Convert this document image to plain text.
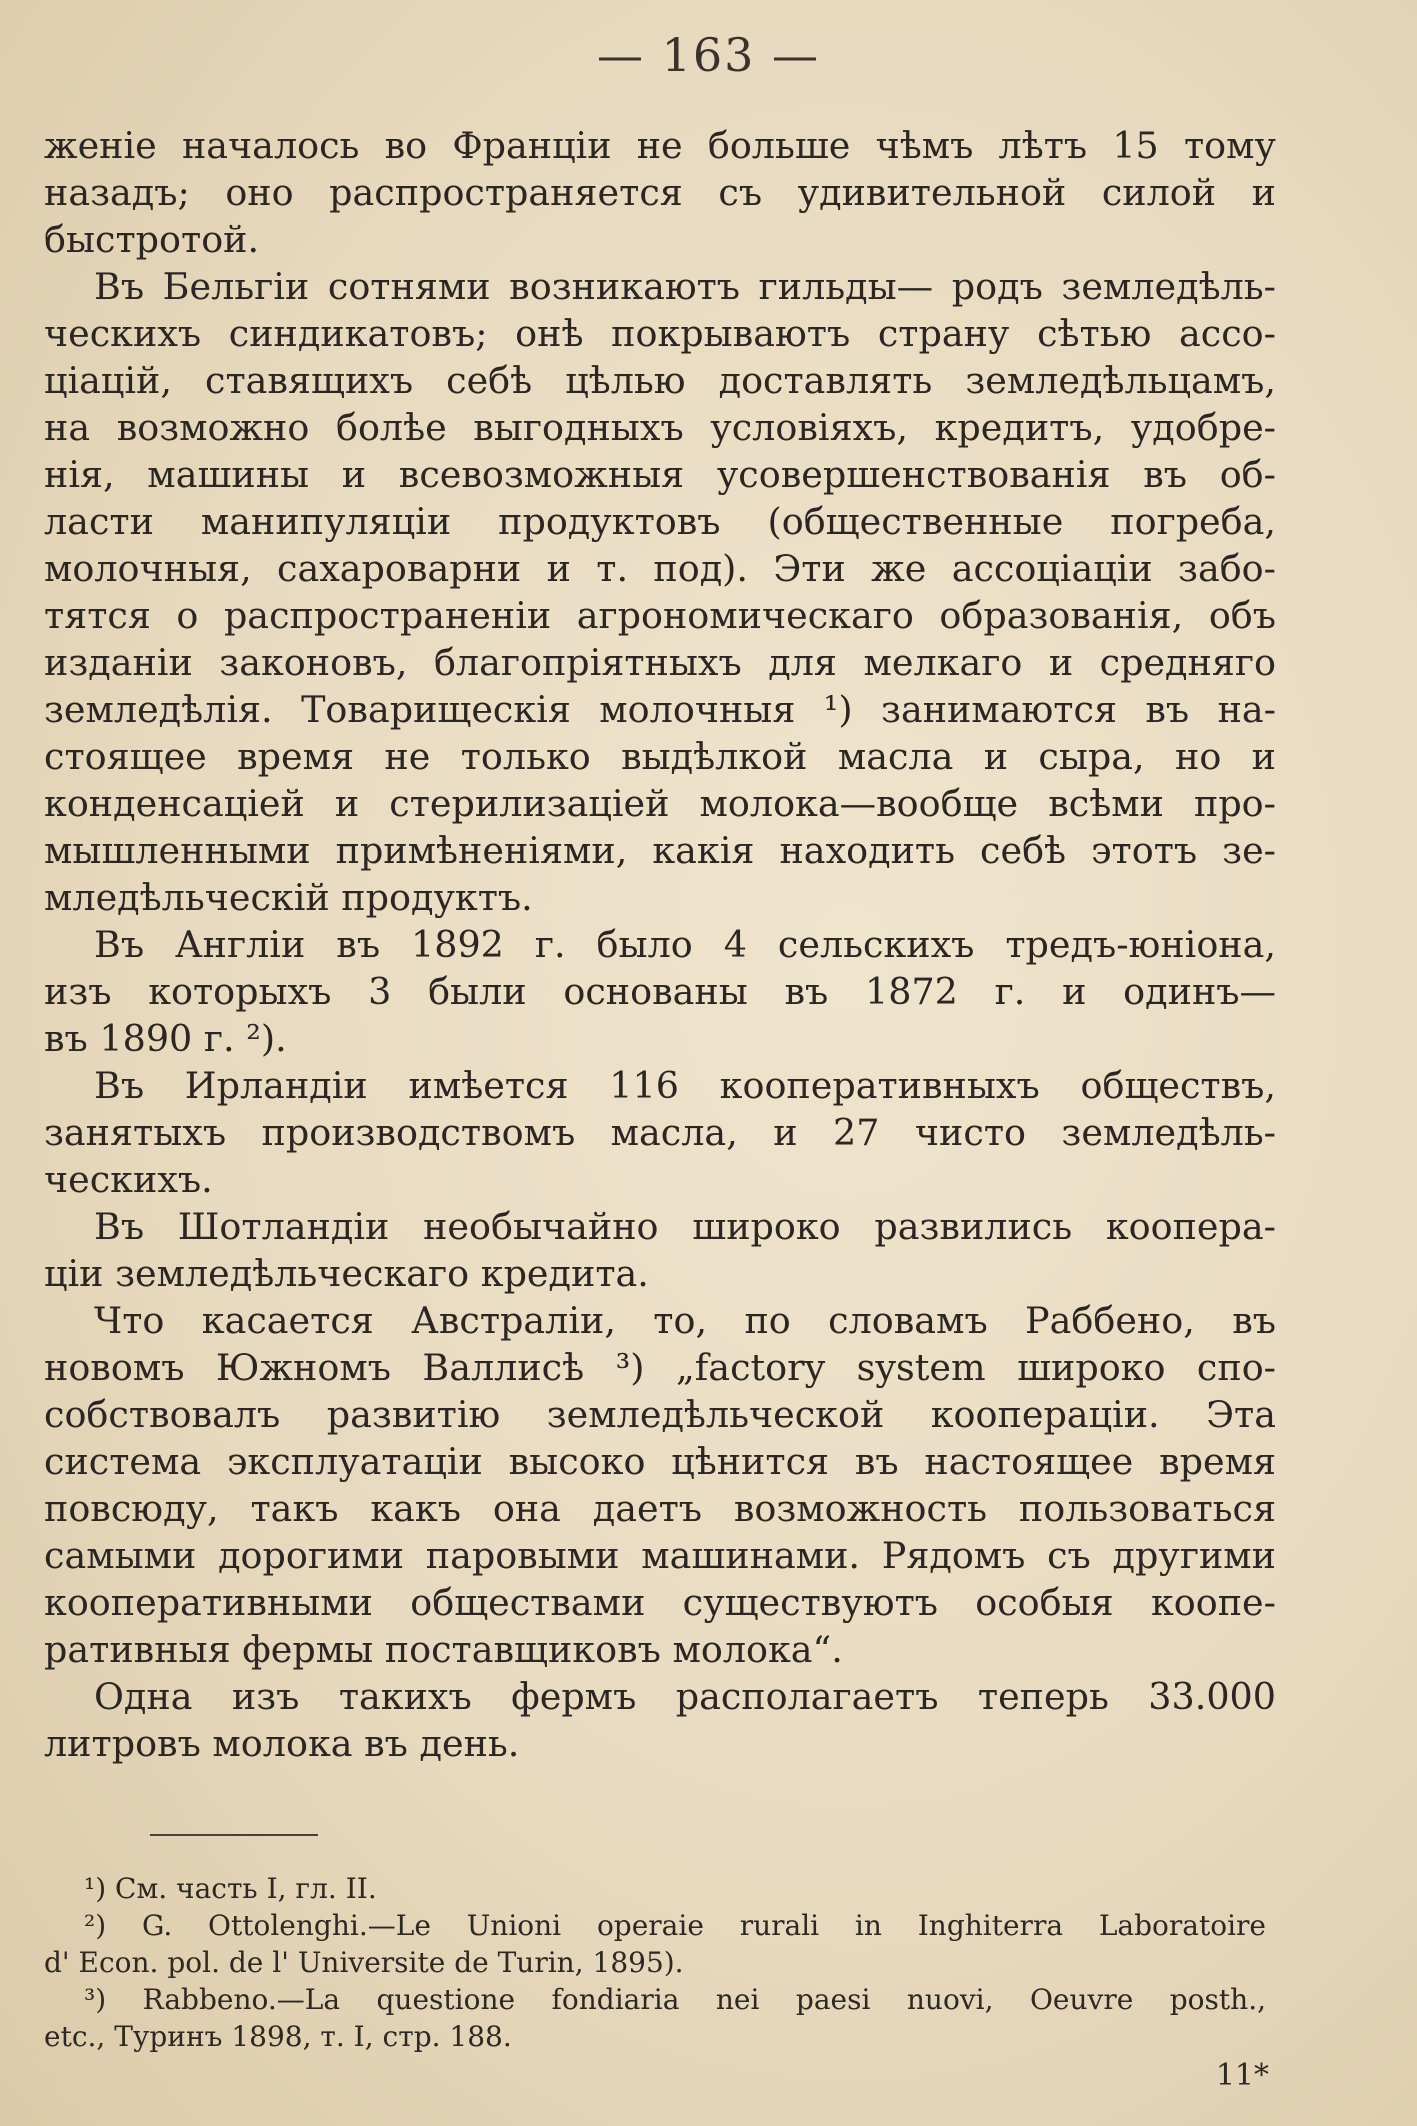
— 163 —
женіе началось во Франціи не больше чѣмъ лѣтъ 15 тому
назадъ; оно распространяется съ удивительной силой и
быстротой.
Въ Бельгіи сотнями возникаютъ гильды— родъ земледѣль-
ческихъ синдикатовъ; онѣ покрываютъ страну сѣтью ассо-
ціацій, ставящихъ себѣ цѣлью доставлять земледѣльцамъ,
на возможно болѣе выгодныхъ условіяхъ, кредитъ, удобре-
нія, машины и всевозможныя усовершенствованія въ об-
ласти манипуляціи продуктовъ (общественные погреба,
молочныя, сахароварни и т. под). Эти же ассоціаціи забо-
тятся о распространеніи агрономическаго образованія, объ
изданіи законовъ, благопріятныхъ для мелкаго и средняго
земледѣлія. Товарищескія молочныя ¹) занимаются въ на-
стоящее время не только выдѣлкой масла и сыра, но и
конденсаціей и стерилизаціей молока—вообще всѣми про-
мышленными примѣненіями, какія находить себѣ этотъ зе-
мледѣльческій продуктъ.
Въ Англіи въ 1892 г. было 4 сельскихъ тредъ-юніона,
изъ которыхъ 3 были основаны въ 1872 г. и одинъ—
въ 1890 г. ²).
Въ Ирландіи имѣется 116 кооперативныхъ обществъ,
занятыхъ производствомъ масла, и 27 чисто земледѣль-
ческихъ.
Въ Шотландіи необычайно широко развились коопера-
ціи земледѣльческаго кредита.
Что касается Австраліи, то, по словамъ Раббено, въ
новомъ Южномъ Валлисѣ ³) „factory system широко спо-
собствовалъ развитію земледѣльческой коопераціи. Эта
система эксплуатаціи высоко цѣнится въ настоящее время
повсюду, такъ какъ она даетъ возможность пользоваться
самыми дорогими паровыми машинами. Рядомъ съ другими
кооперативными обществами существуютъ особыя коопе-
ративныя фермы поставщиковъ молока“.
Одна изъ такихъ фермъ располагаетъ теперь 33.000
литровъ молока въ день.
¹) См. часть I, гл. II.
²) G. Ottolenghi.—Le Unioni operaie rurali in Inghiterra Laboratoire
d' Econ. pol. de l' Universite de Turin, 1895).
³) Rabbeno.—La questione fondiaria nei paesi nuovi, Oeuvre posth.,
etc., Туринъ 1898, т. I, стр. 188.
11*
